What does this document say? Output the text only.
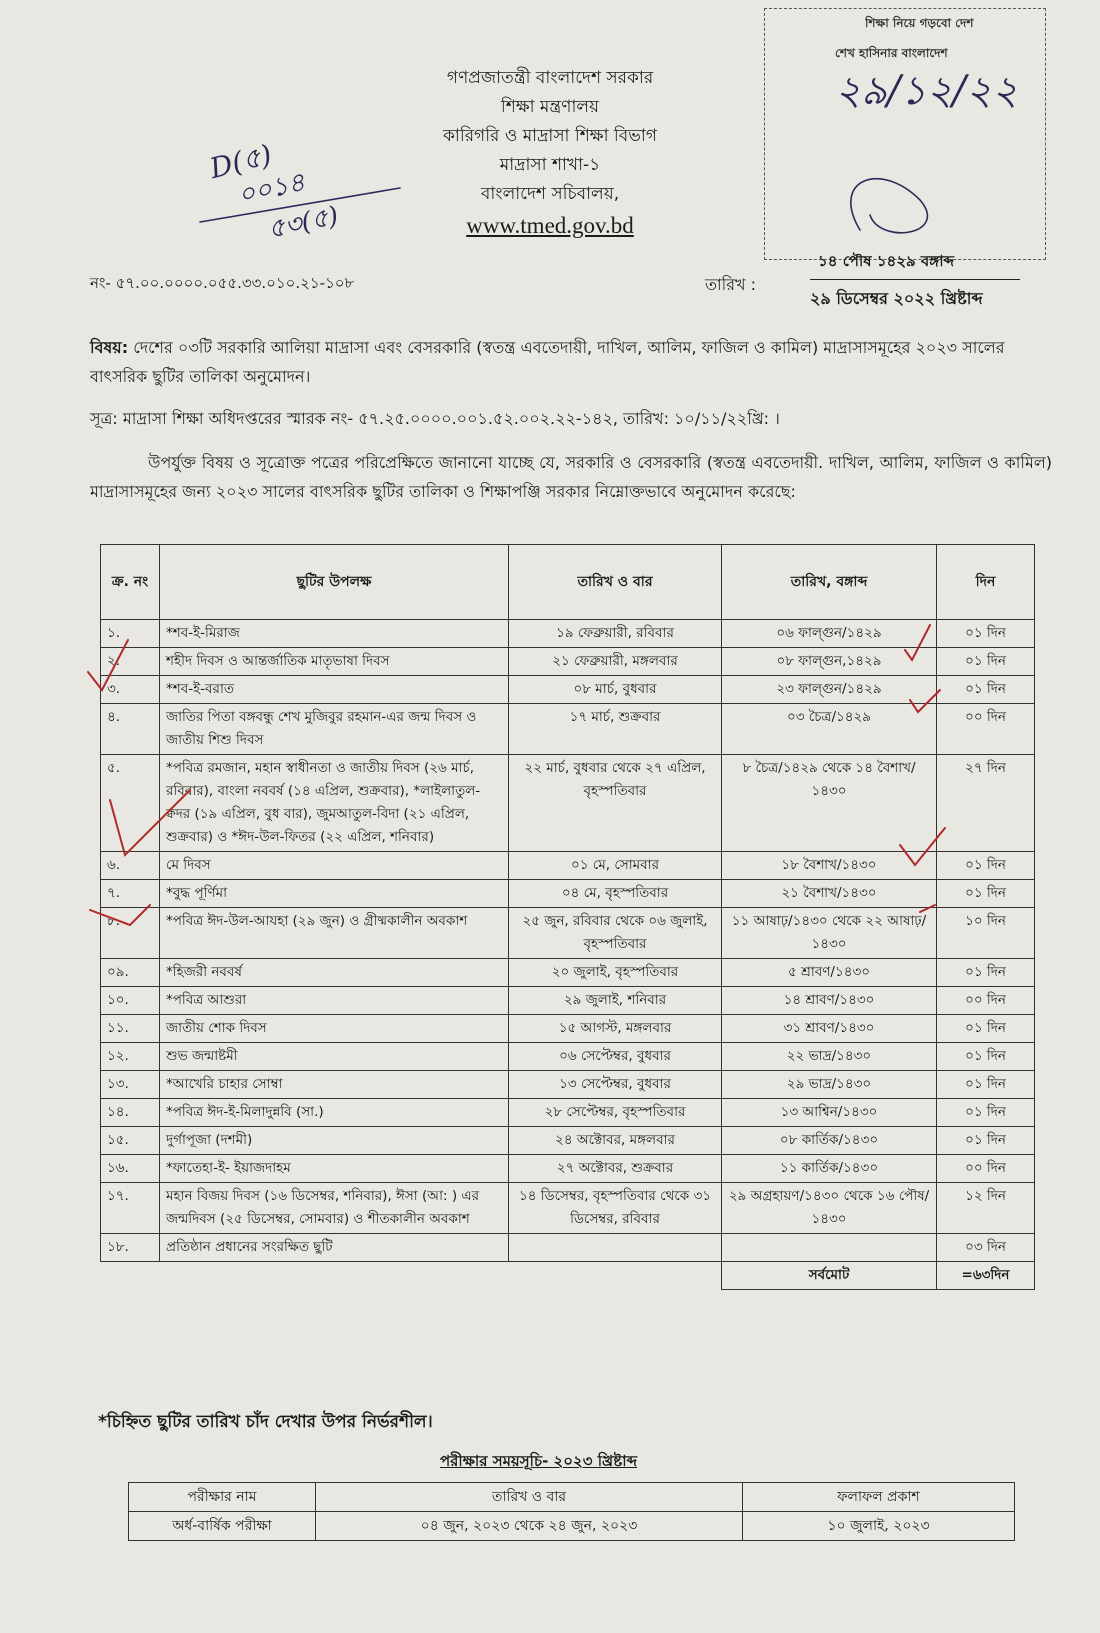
গণপ্রজাতন্ত্রী বাংলাদেশ সরকার
শিক্ষা মন্ত্রণালয়
কারিগরি ও মাদ্রাসা শিক্ষা বিভাগ
মাদ্রাসা শাখা-১
বাংলাদেশ সচিবালয়,
www.tmed.gov.bd
শিক্ষা নিয়ে গড়বো দেশ
শেখ হাসিনার বাংলাদেশ
২৯/১২/২২
D(৫)
০০১৪
৫৩(৫)
নং- ৫৭.০০.০০০০.০৫৫.৩৩.০১০.২১-১০৮	তারিখ :
১৪ পৌষ ১৪২৯ বঙ্গাব্দ
২৯ ডিসেম্বর ২০২২ খ্রিষ্টাব্দ
বিষয়: দেশের ০৩টি সরকারি আলিয়া মাদ্রাসা এবং বেসরকারি (স্বতন্ত্র এবতেদায়ী, দাখিল, আলিম, ফাজিল ও কামিল) মাদ্রাসাসমূহের ২০২৩ সালের বাৎসরিক ছুটির তালিকা অনুমোদন।
সূত্র: মাদ্রাসা শিক্ষা অধিদপ্তরের স্মারক নং- ৫৭.২৫.০০০০.০০১.৫২.০০২.২২-১৪২, তারিখ: ১০/১১/২২খ্রি: ।
উপর্যুক্ত বিষয় ও সূত্রোক্ত পত্রের পরিপ্রেক্ষিতে জানানো যাচ্ছে যে, সরকারি ও বেসরকারি (স্বতন্ত্র এবতেদায়ী. দাখিল, আলিম, ফাজিল ও কামিল) মাদ্রাসাসমূহের জন্য ২০২৩ সালের বাৎসরিক ছুটির তালিকা ও শিক্ষাপঞ্জি সরকার নিম্নোক্তভাবে অনুমোদন করেছে:
ক্র. নং	ছুটির উপলক্ষ	তারিখ ও বার	তারিখ, বঙ্গাব্দ	দিন
১.	*শব-ই-মিরাজ	১৯ ফেব্রুয়ারী, রবিবার	০৬ ফাল্গুন/১৪২৯	০১ দিন
২.	শহীদ দিবস ও আন্তর্জাতিক মাতৃভাষা দিবস	২১ ফেব্রুয়ারী, মঙ্গলবার	০৮ ফাল্গুন,১৪২৯	০১ দিন
৩.	*শব-ই-বরাত	০৮ মার্চ, বুধবার	২৩ ফাল্গুন/১৪২৯	০১ দিন
৪.	জাতির পিতা বঙ্গবন্ধু শেখ মুজিবুর রহমান-এর জন্ম দিবস ও জাতীয় শিশু দিবস	১৭ মার্চ, শুক্রবার	০৩ চৈত্র/১৪২৯	০০ দিন
৫.	*পবিত্র রমজান, মহান স্বাধীনতা ও জাতীয় দিবস (২৬ মার্চ, রবিবার), বাংলা নববর্ষ (১৪ এপ্রিল, শুক্রবার), *লাইলাতুল-ক্বদর (১৯ এপ্রিল, বুধ বার), জুমআতুল-বিদা (২১ এপ্রিল, শুক্রবার) ও *ঈদ-উল-ফিতর (২২ এপ্রিল, শনিবার)	২২ মার্চ, বুধবার থেকে ২৭ এপ্রিল, বৃহস্পতিবার	৮ চৈত্র/১৪২৯ থেকে ১৪ বৈশাখ/১৪৩০	২৭ দিন
৬.	মে দিবস	০১ মে, সোমবার	১৮ বৈশাখ/১৪৩০	০১ দিন
৭.	*বুদ্ধ পূর্ণিমা	০৪ মে, বৃহস্পতিবার	২১ বৈশাখ/১৪৩০	০১ দিন
৮.	*পবিত্র ঈদ-উল-আযহা (২৯ জুন) ও গ্রীষ্মকালীন অবকাশ	২৫ জুন, রবিবার থেকে ০৬ জুলাই, বৃহস্পতিবার	১১ আষাঢ়/১৪৩০ থেকে ২২ আষাঢ়/১৪৩০	১০ দিন
০৯.	*হিজরী নববর্ষ	২০ জুলাই, বৃহস্পতিবার	৫ শ্রাবণ/১৪৩০	০১ দিন
১০.	*পবিত্র আশুরা	২৯ জুলাই, শনিবার	১৪ শ্রাবণ/১৪৩০	০০ দিন
১১.	জাতীয় শোক দিবস	১৫ আগস্ট, মঙ্গলবার	৩১ শ্রাবণ/১৪৩০	০১ দিন
১২.	শুভ জন্মাষ্টমী	০৬ সেপ্টেম্বর, বুধবার	২২ ভাদ্র/১৪৩০	০১ দিন
১৩.	*আখেরি চাহার সোম্বা	১৩ সেপ্টেম্বর, বুধবার	২৯ ভাদ্র/১৪৩০	০১ দিন
১৪.	*পবিত্র ঈদ-ই-মিলাদুন্নবি (সা.)	২৮ সেপ্টেম্বর, বৃহস্পতিবার	১৩ আশ্বিন/১৪৩০	০১ দিন
১৫.	দুর্গাপূজা (দশমী)	২৪ অক্টোবর, মঙ্গলবার	০৮ কার্তিক/১৪৩০	০১ দিন
১৬.	*ফাতেহা-ই- ইয়াজদাহম	২৭ অক্টোবর, শুক্রবার	১১ কার্তিক/১৪৩০	০০ দিন
১৭.	মহান বিজয় দিবস (১৬ ডিসেম্বর, শনিবার), ঈসা (আ: ) এর জন্মদিবস (২৫ ডিসেম্বর, সোমবার) ও শীতকালীন অবকাশ	১৪ ডিসেম্বর, বৃহস্পতিবার থেকে ৩১ ডিসেম্বর, রবিবার	২৯ অগ্রহায়ণ/১৪৩০ থেকে ১৬ পৌষ/১৪৩০	১২ দিন
১৮.	প্রতিষ্ঠান প্রধানের সংরক্ষিত ছুটি			০৩ দিন
			সর্বমোট	=৬৩দিন
*চিহ্নিত ছুটির তারিখ চাঁদ দেখার উপর নির্ভরশীল।
পরীক্ষার সময়সূচি- ২০২৩ খ্রিষ্টাব্দ
পরীক্ষার নাম	তারিখ ও বার	ফলাফল প্রকাশ
অর্ধ-বার্ষিক পরীক্ষা	০৪ জুন, ২০২৩ থেকে ২৪ জুন, ২০২৩	১০ জুলাই, ২০২৩
